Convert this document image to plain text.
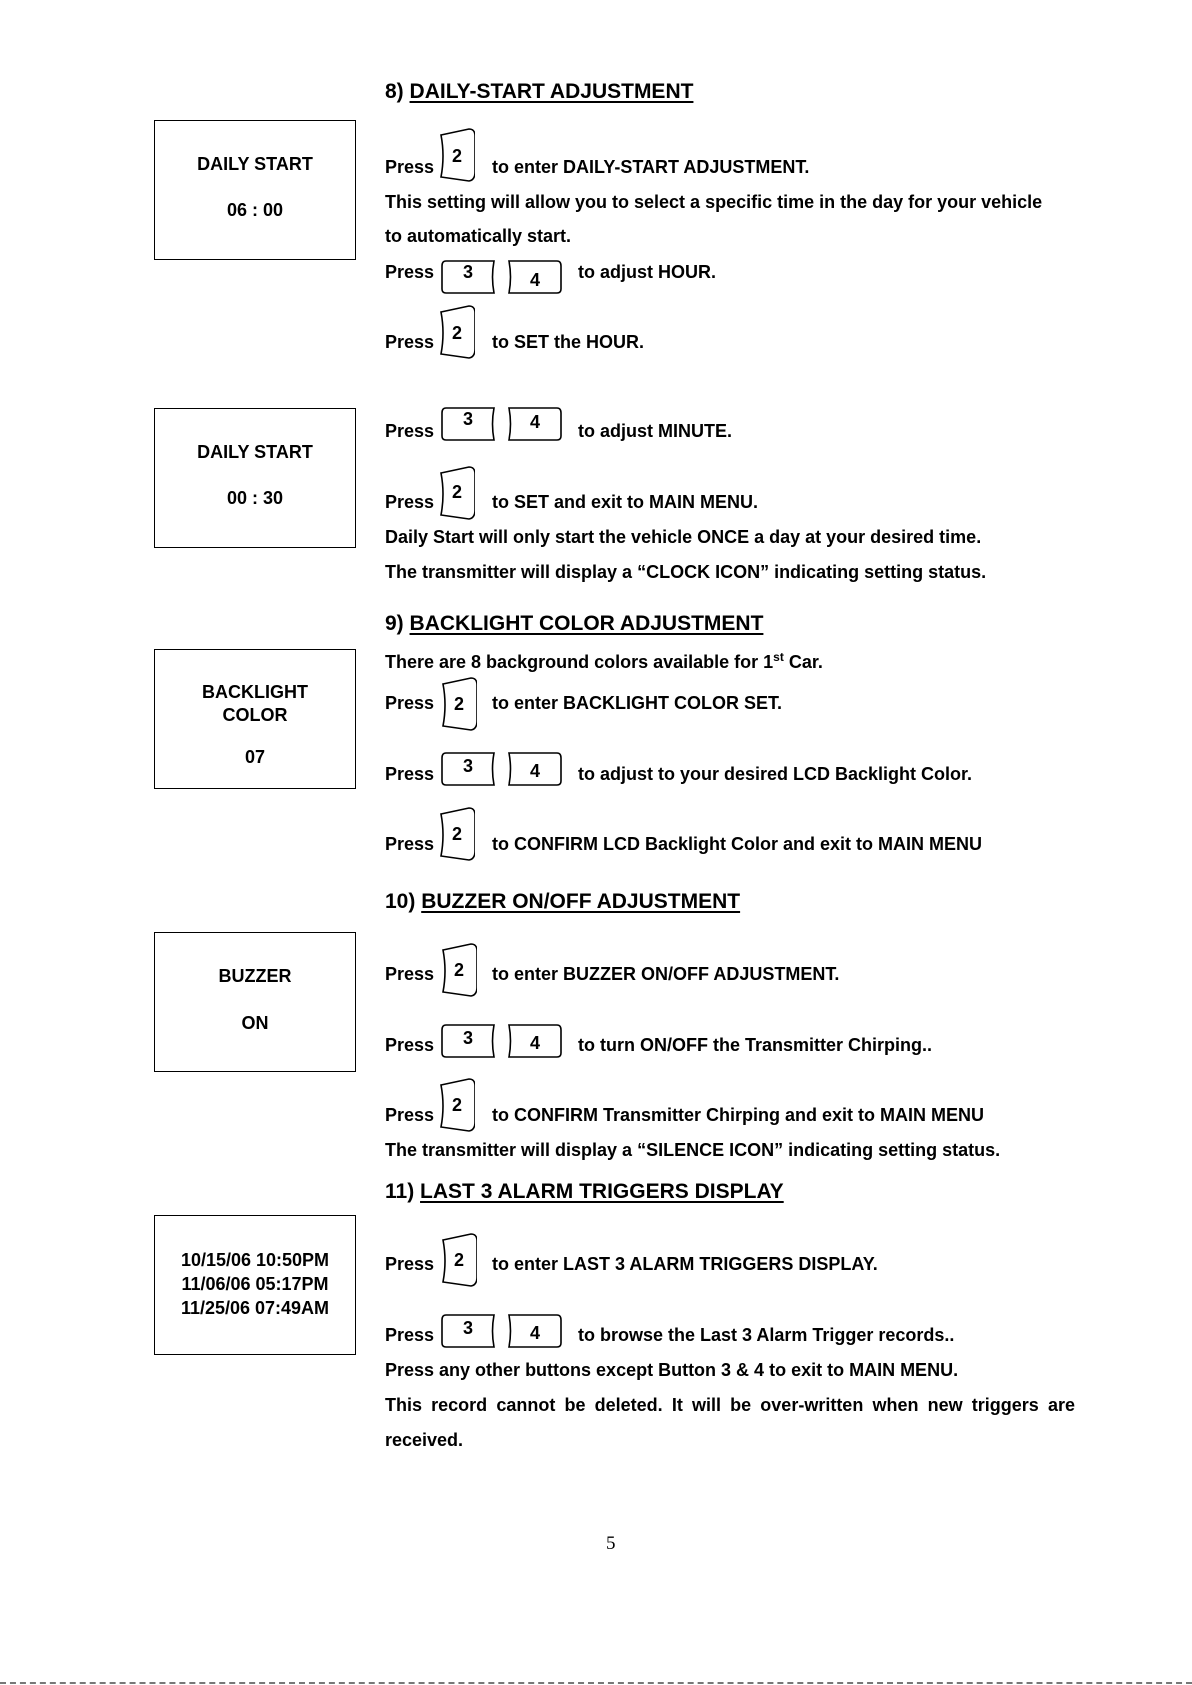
8) DAILY-START ADJUSTMENT
DAILY START
06 : 00
Press
2
to enter DAILY-START ADJUSTMENT.
This setting will allow you to select a specific time in the day for your vehicle
to automatically start.
Press	3	4	to adjust HOUR.
Press 2	to SET the HOUR.
DAILY START
00 : 30
Press
3	4	to adjust MINUTE.
Press 2	to SET and exit to MAIN MENU.
Daily Start will only start the vehicle ONCE a day at your desired time.
The transmitter will display a “CLOCK ICON” indicating setting status.
9) BACKLIGHT COLOR ADJUSTMENT
BACKLIGHT
COLOR
07
There are 8 background colors available for 1st Car.
Press	2	to enter BACKLIGHT COLOR SET.
Press	3	4	to adjust to your desired LCD Backlight Color.
Press 2	to CONFIRM LCD Backlight Color and exit to MAIN MENU
10) BUZZER ON/OFF ADJUSTMENT
BUZZER
ON
Press	2	to enter BUZZER ON/OFF ADJUSTMENT.
Press	3	4	to turn ON/OFF the Transmitter Chirping..
Press 2	to CONFIRM Transmitter Chirping and exit to MAIN MENU
The transmitter will display a “SILENCE ICON” indicating setting status.
11) LAST 3 ALARM TRIGGERS DISPLAY
10/15/06 10:50PM
11/06/06 05:17PM
11/25/06 07:49AM
Press	2	to enter LAST 3 ALARM TRIGGERS DISPLAY.
Press	3	4	to browse the Last 3 Alarm Trigger records..
Press any other buttons except Button 3 & 4 to exit to MAIN MENU.
This record cannot be deleted. It will be over-written when new triggers are
received.
5
